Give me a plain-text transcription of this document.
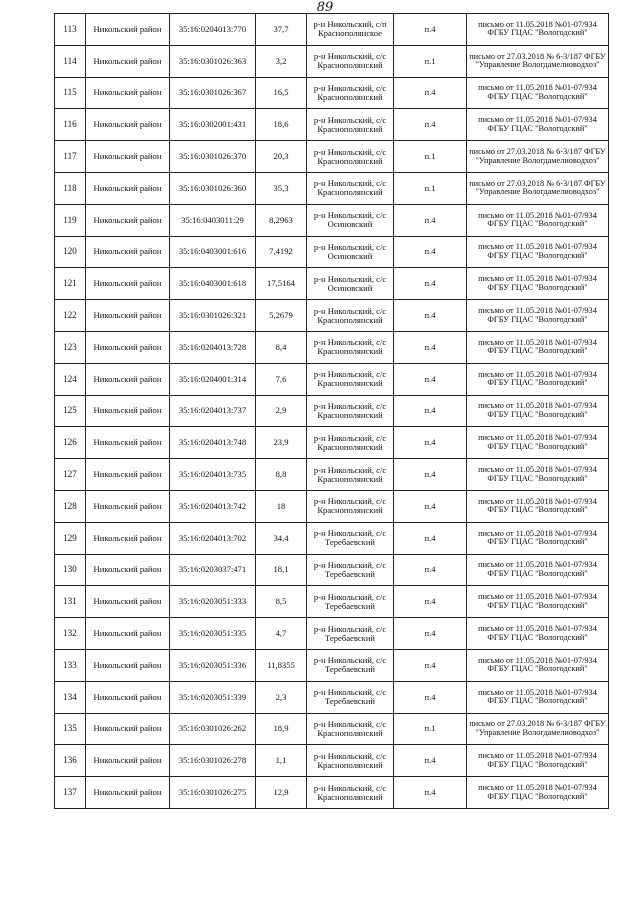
89
113	Никольский район	35:16:0204013:770	37,7	р-н Никольский, с/п Краснополянское	п.4	письмо от 11.05.2018 №01-07/934 ФГБУ ГЦАС "Вологодский"
114	Никольский район	35:16:0301026:363	3,2	р-н Никольский, с/с Краснополянский	п.1	письмо от 27.03.2018 № 6-3/187 ФГБУ "Управление Вологдамелиоводхоз"
115	Никольский район	35:16:0301026:367	16,5	р-н Никольский, с/с Краснополянский	п.4	письмо от 11.05.2018 №01-07/934 ФГБУ ГЦАС "Вологодский"
116	Никольский район	35:16:0302001:431	18,6	р-н Никольский, с/с Краснополянский	п.4	письмо от 11.05.2018 №01-07/934 ФГБУ ГЦАС "Вологодский"
117	Никольский район	35:16:0301026:370	20,3	р-н Никольский, с/с Краснополянский	п.1	письмо от 27.03.2018 № 6-3/187 ФГБУ "Управление Вологдамелиоводхоз"
118	Никольский район	35:16:0301026:360	35,3	р-н Никольский, с/с Краснополянский	п.1	письмо от 27.03.2018 № 6-3/187 ФГБУ "Управление Вологдамелиоводхоз"
119	Никольский район	35:16:0403011:29	8,2963	р-н Никольский, с/с Осиновский	п.4	письмо от 11.05.2018 №01-07/934 ФГБУ ГЦАС "Вологодский"
120	Никольский район	35:16:0403001:616	7,4192	р-н Никольский, с/с Осиновский	п.4	письмо от 11.05.2018 №01-07/934 ФГБУ ГЦАС "Вологодский"
121	Никольский район	35:16:0403001:618	17,5164	р-н Никольский, с/с Осиновский	п.4	письмо от 11.05.2018 №01-07/934 ФГБУ ГЦАС "Вологодский"
122	Никольский район	35:16:0301026:321	5,2679	р-н Никольский, с/с Краснополянский	п.4	письмо от 11.05.2018 №01-07/934 ФГБУ ГЦАС "Вологодский"
123	Никольский район	35:16:0204013:728	8,4	р-н Никольский, с/с Краснополянский	п.4	письмо от 11.05.2018 №01-07/934 ФГБУ ГЦАС "Вологодский"
124	Никольский район	35:16:0204001:314	7,6	р-н Никольский, с/с Краснополянский	п.4	письмо от 11.05.2018 №01-07/934 ФГБУ ГЦАС "Вологодский"
125	Никольский район	35:16:0204013:737	2,9	р-н Никольский, с/с Краснополянский	п.4	письмо от 11.05.2018 №01-07/934 ФГБУ ГЦАС "Вологодский"
126	Никольский район	35:16:0204013:748	23,9	р-н Никольский, с/с Краснополянский	п.4	письмо от 11.05.2018 №01-07/934 ФГБУ ГЦАС "Вологодский"
127	Никольский район	35:16:0204013:735	8,8	р-н Никольский, с/с Краснополянский	п.4	письмо от 11.05.2018 №01-07/934 ФГБУ ГЦАС "Вологодский"
128	Никольский район	35:16:0204013:742	18	р-н Никольский, с/с Краснополянский	п.4	письмо от 11.05.2018 №01-07/934 ФГБУ ГЦАС "Вологодский"
129	Никольский район	35:16:0204013:702	34,4	р-н Никольский, с/с Теребаевский	п.4	письмо от 11.05.2018 №01-07/934 ФГБУ ГЦАС "Вологодский"
130	Никольский район	35:16:0203037:471	18,1	р-н Никольский, с/с Теребаевский	п.4	письмо от 11.05.2018 №01-07/934 ФГБУ ГЦАС "Вологодский"
131	Никольский район	35:16:0203051:333	8,5	р-н Никольский, с/с Теребаевский	п.4	письмо от 11.05.2018 №01-07/934 ФГБУ ГЦАС "Вологодский"
132	Никольский район	35:16:0203051:335	4,7	р-н Никольский, с/с Теребаевский	п.4	письмо от 11.05.2018 №01-07/934 ФГБУ ГЦАС "Вологодский"
133	Никольский район	35:16:0203051:336	11,8355	р-н Никольский, с/с Теребаевский	п.4	письмо от 11.05.2018 №01-07/934 ФГБУ ГЦАС "Вологодский"
134	Никольский район	35:16:0203051:339	2,3	р-н Никольский, с/с Теребаевский	п.4	письмо от 11.05.2018 №01-07/934 ФГБУ ГЦАС "Вологодский"
135	Никольский район	35:16:0301026:262	18,9	р-н Никольский, с/с Краснополянский	п.1	письмо от 27.03.2018 № 6-3/187 ФГБУ "Управление Вологдамелиоводхоз"
136	Никольский район	35:16:0301026:278	1,1	р-н Никольский, с/с Краснополянский	п.4	письмо от 11.05.2018 №01-07/934 ФГБУ ГЦАС "Вологодский"
137	Никольский район	35:16:0301026:275	12,9	р-н Никольский, с/с Краснополянский	п.4	письмо от 11.05.2018 №01-07/934 ФГБУ ГЦАС "Вологодский"
